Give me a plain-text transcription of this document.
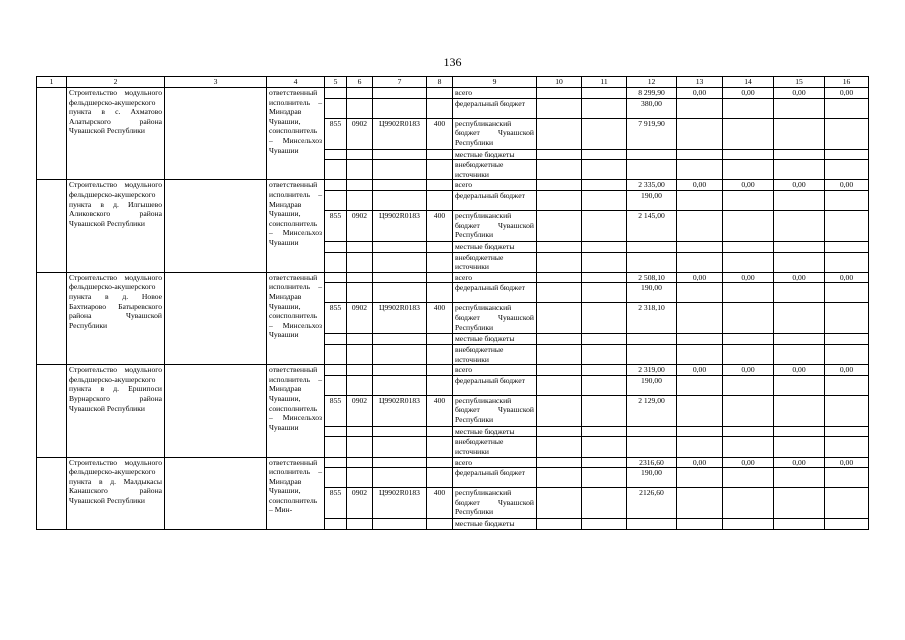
136
1	2	3	4	5	6	7	8	9	10	11	12	13	14	15	16
	Строительство модульного фельдшерско-акушерского пункта в с. Ахматово Алатырского района Чувашской Республики		ответственный исполнитель – Минздрав Чувашии, соисполнитель – Минсельхоз Чувашии					всего			8 299,90	0,00	0,00	0,00	0,00
								федеральный бюджет			380,00				
				855	0902	Ц9902R0183	400	республиканский бюджет Чувашской Республики			7 919,90				
								местные бюджеты							
								внебюджетные источники							
	Строительство модульного фельдшерско-акушерского пункта в д. Илгышево Аликовского района Чувашской Республики		ответственный исполнитель – Минздрав Чувашии, соисполнитель – Минсельхоз Чувашии					всего			2 335,00	0,00	0,00	0,00	0,00
								федеральный бюджет			190,00				
				855	0902	Ц9902R0183	400	республиканский бюджет Чувашской Республики			2 145,00				
								местные бюджеты							
								внебюджетные источники							
	Строительство модульного фельдшерско-акушерского пункта в д. Новое Бахтиарово Батыревского района Чувашской Республики		ответственный исполнитель – Минздрав Чувашии, соисполнитель – Минсельхоз Чувашии					всего			2 508,10	0,00	0,00	0,00	0,00
								федеральный бюджет			190,00				
				855	0902	Ц9902R0183	400	республиканский бюджет Чувашской Республики			2 318,10				
								местные бюджеты							
								внебюджетные источники							
	Строительство модульного фельдшерско-акушерского пункта в д. Ершипоси Вурнарского района Чувашской Республики		ответственный исполнитель – Минздрав Чувашии, соисполнитель – Минсельхоз Чувашии					всего			2 319,00	0,00	0,00	0,00	0,00
								федеральный бюджет			190,00				
				855	0902	Ц9902R0183	400	республиканский бюджет Чувашской Республики			2 129,00				
								местные бюджеты							
								внебюджетные источники							
	Строительство модульного фельдшерско-акушерского пункта в д. Малдыкасы Канашского района Чувашской Республики		ответственный исполнитель – Минздрав Чувашии, соисполнитель – Мин-					всего			2316,60	0,00	0,00	0,00	0,00
								федеральный бюджет			190,00				
				855	0902	Ц9902R0183	400	республиканский бюджет Чувашской Республики			2126,60				
								местные бюджеты							
